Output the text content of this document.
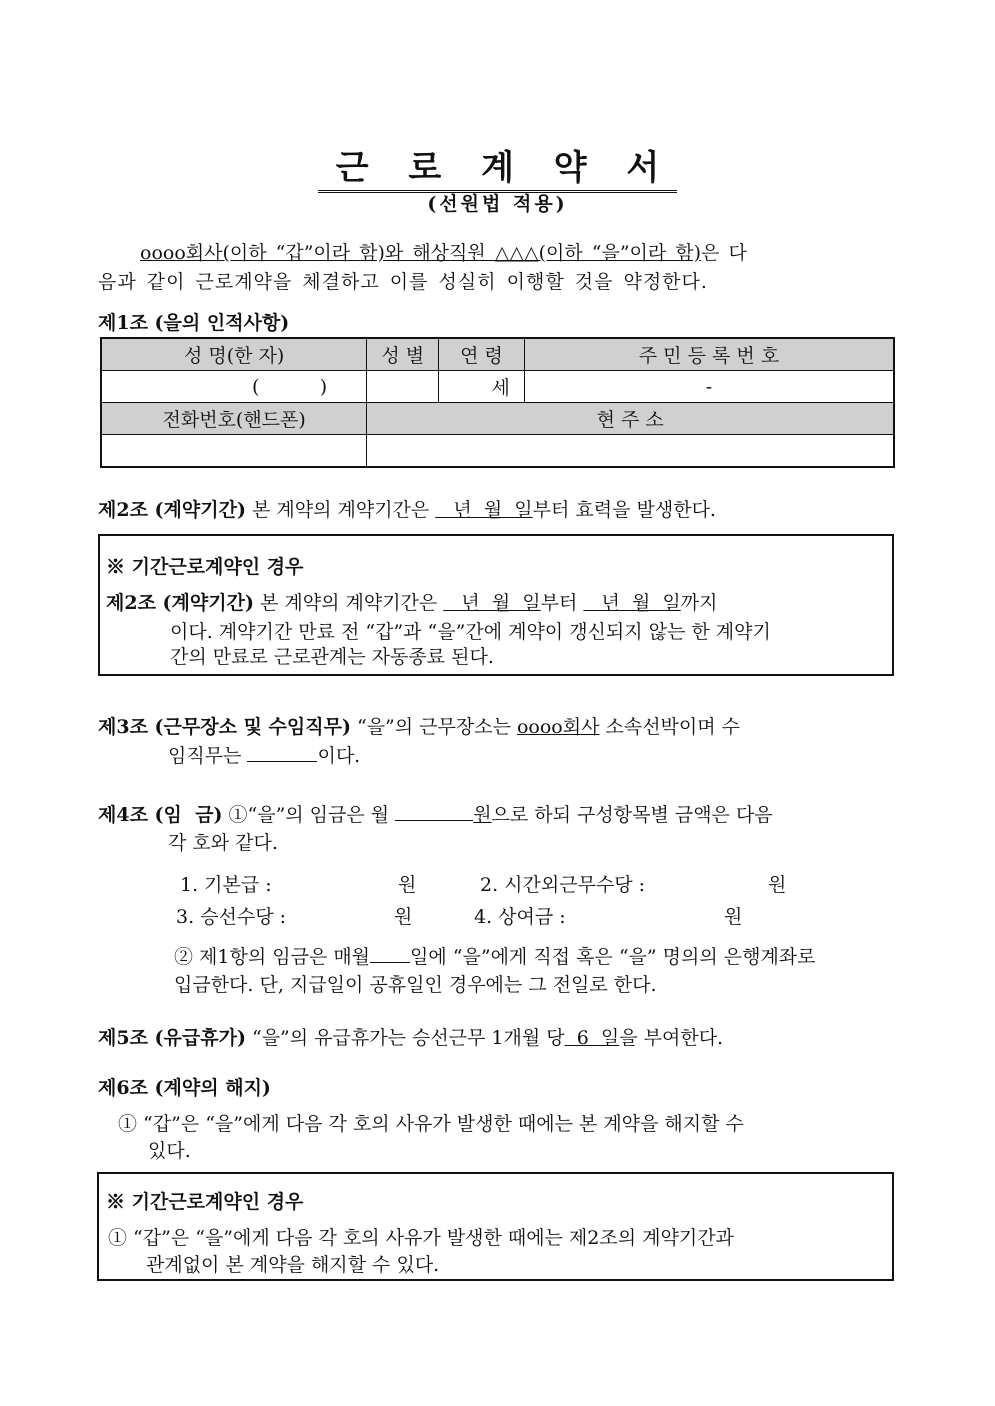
근 로 계 약 서
(선원법 적용)
oooo회사(이하 “갑”이라 함)와 해상직원 △△△(이하 “을”이라 함)은 다
음과 같이 근로계약을 체결하고 이를 성실히 이행할 것을 약정한다.
제1조 (을의 인적사항)
성 명(한 자)	성 별	연 령	주 민 등 록 번 호
(          )		세	-
전화번호(핸드폰)	현 주 소		

제2조 (계약기간) 본 계약의 계약기간은    년  월  일부터 효력을 발생한다.
※ 기간근로계약인 경우
제2조 (계약기간) 본 계약의 계약기간은    년  월  일부터    년  월  일까지
이다. 계약기간 만료 전 “갑”과 “을”간에 계약이 갱신되지 않는 한 계약기
간의 만료로 근로관계는 자동종료 된다.
제3조 (근무장소 및 수임직무) “을”의 근무장소는 oooo회사 소속선박이며 수
임직무는	이다.
제4조 (임  금) ①“을”의 임금은 월	원으로 하되 구성항목별 금액은 다음
각 호와 같다.
1. 기본급 :	원	2. 시간외근무수당 :	원
3. 승선수당 :	원	4. 상여금 :	원
② 제1항의 임금은 매월 일에 “을”에게 직접 혹은 “을” 명의의 은행계좌로
입금한다. 단, 지급일이 공휴일인 경우에는 그 전일로 한다.
제5조 (유급휴가) “을”의 유급휴가는 승선근무 1개월 당  6  일을 부여한다.
제6조 (계약의 해지)
① “갑”은 “을”에게 다음 각 호의 사유가 발생한 때에는 본 계약을 해지할 수
있다.
※ 기간근로계약인 경우
① “갑”은 “을”에게 다음 각 호의 사유가 발생한 때에는 제2조의 계약기간과
관계없이 본 계약을 해지할 수 있다.
